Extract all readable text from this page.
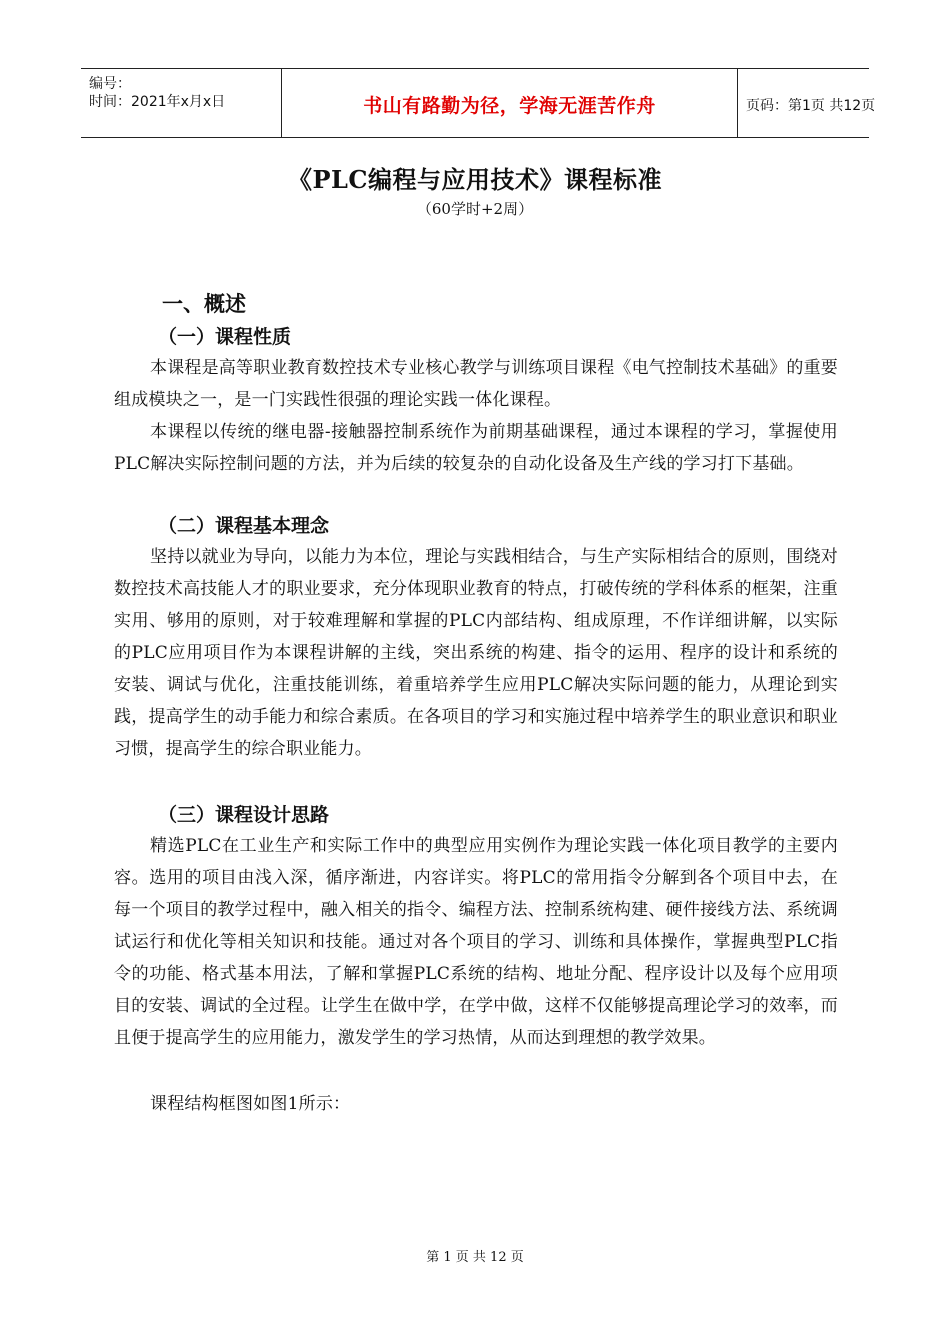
编号：
时间：2021年x月x日	书山有路勤为径，学海无涯苦作舟	页码：第1页 共12页
《PLC编程与应用技术》课程标准
（60学时+2周）
一、概述
（一）课程性质

本课程是高等职业教育数控技术专业核心教学与训练项目课程《电气控制技术基础》的重要组成模块之一，是一门实践性很强的理论实践一体化课程。

本课程以传统的继电器-接触器控制系统作为前期基础课程，通过本课程的学习，掌握使用PLC解决实际控制问题的方法，并为后续的较复杂的自动化设备及生产线的学习打下基础。

（二）课程基本理念

坚持以就业为导向，以能力为本位，理论与实践相结合，与生产实际相结合的原则，围绕对数控技术高技能人才的职业要求，充分体现职业教育的特点，打破传统的学科体系的框架，注重实用、够用的原则，对于较难理解和掌握的PLC内部结构、组成原理，不作详细讲解，以实际的PLC应用项目作为本课程讲解的主线，突出系统的构建、指令的运用、程序的设计和系统的安装、调试与优化，注重技能训练，着重培养学生应用PLC解决实际问题的能力，从理论到实践，提高学生的动手能力和综合素质。在各项目的学习和实施过程中培养学生的职业意识和职业习惯，提高学生的综合职业能力。

（三）课程设计思路

精选PLC在工业生产和实际工作中的典型应用实例作为理论实践一体化项目教学的主要内容。选用的项目由浅入深，循序渐进，内容详实。将PLC的常用指令分解到各个项目中去，在每一个项目的教学过程中，融入相关的指令、编程方法、控制系统构建、硬件接线方法、系统调试运行和优化等相关知识和技能。通过对各个项目的学习、训练和具体操作，掌握典型PLC指令的功能、格式基本用法，了解和掌握PLC系统的结构、地址分配、程序设计以及每个应用项目的安装、调试的全过程。让学生在做中学，在学中做，这样不仅能够提高理论学习的效率，而且便于提高学生的应用能力，激发学生的学习热情，从而达到理想的教学效果。

课程结构框图如图1所示：

第 1 页 共 12 页
